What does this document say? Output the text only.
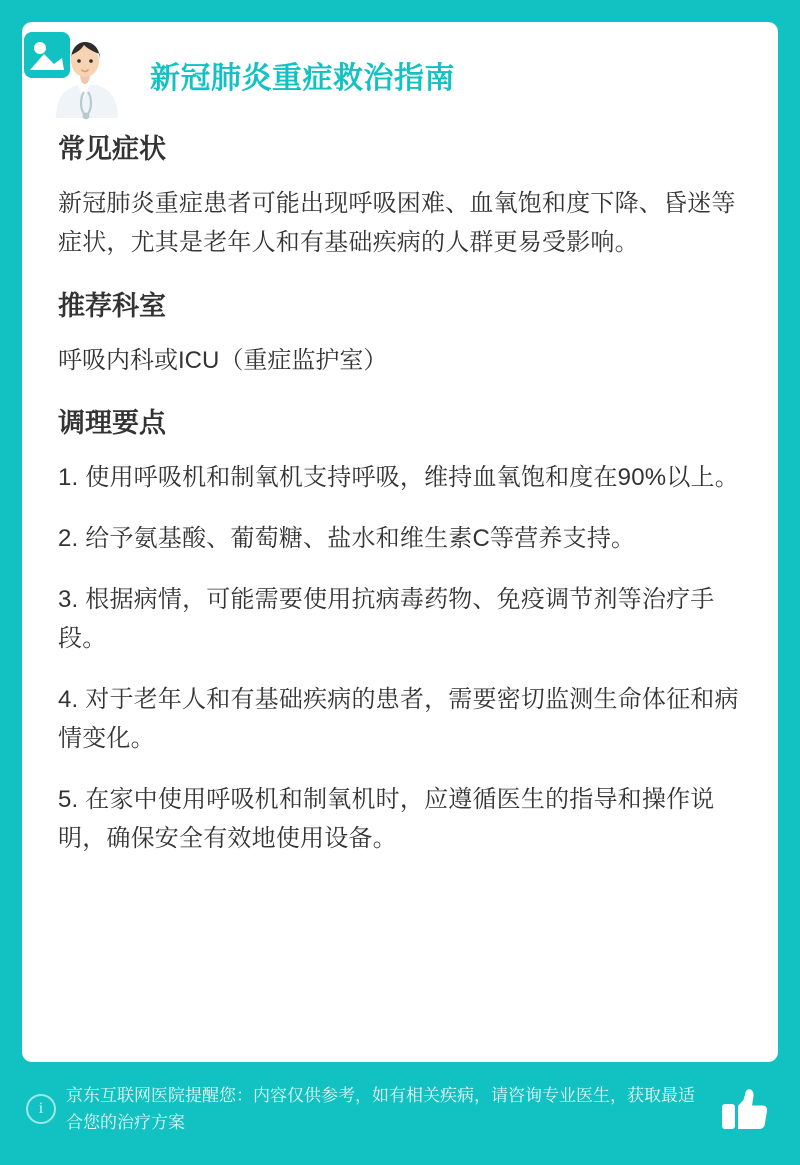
新冠肺炎重症救治指南
常见症状

新冠肺炎重症患者可能出现呼吸困难、血氧饱和度下降、昏迷等症状，尤其是老年人和有基础疾病的人群更易受影响。

推荐科室

呼吸内科或ICU（重症监护室）

调理要点
1. 使用呼吸机和制氧机支持呼吸，维持血氧饱和度在90%以上。
2. 给予氨基酸、葡萄糖、盐水和维生素C等营养支持。
3. 根据病情，可能需要使用抗病毒药物、免疫调节剂等治疗手段。
4. 对于老年人和有基础疾病的患者，需要密切监测生命体征和病情变化。
5. 在家中使用呼吸机和制氧机时，应遵循医生的指导和操作说明，确保安全有效地使用设备。
i
京东互联网医院提醒您：内容仅供参考，如有相关疾病，请咨询专业医生，获取最适合您的治疗方案
